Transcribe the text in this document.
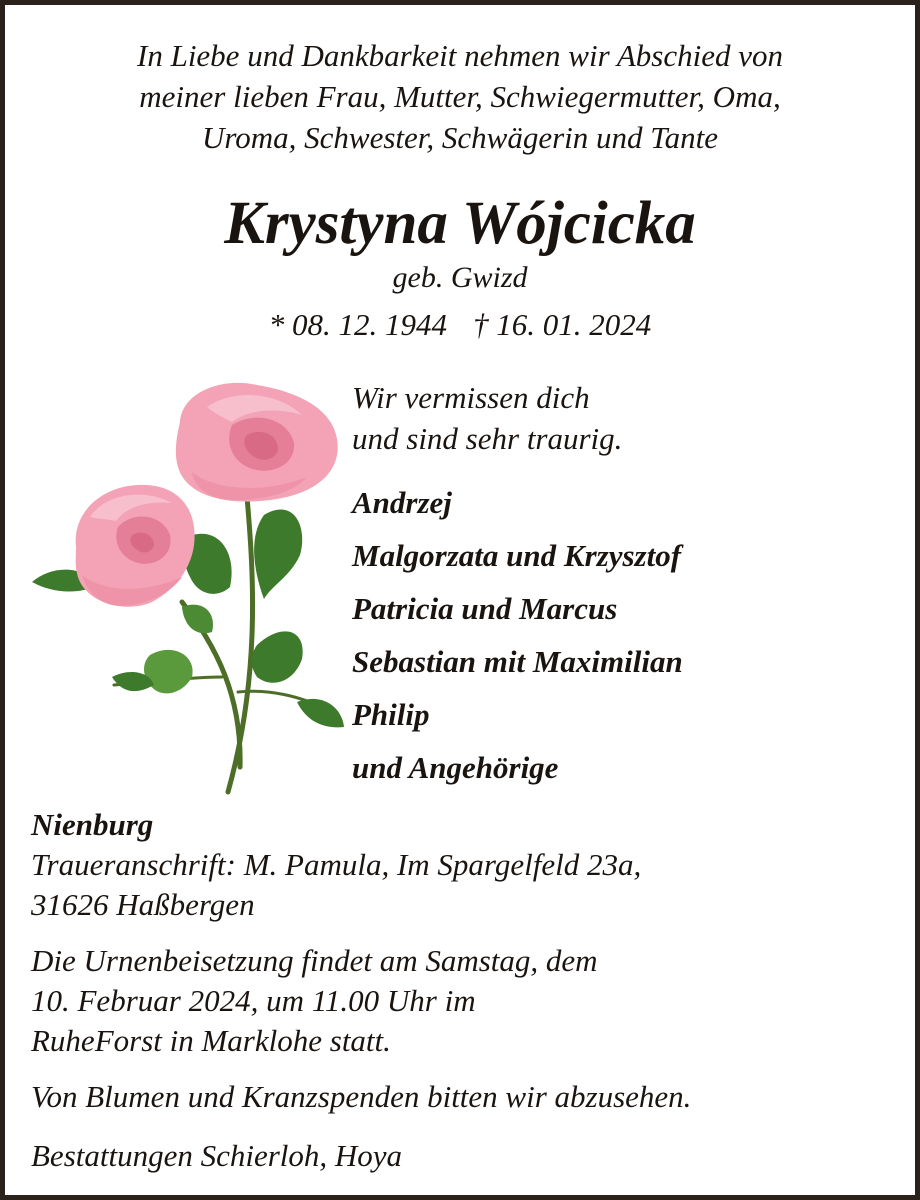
In Liebe und Dankbarkeit nehmen wir Abschied von
meiner lieben Frau, Mutter, Schwiegermutter, Oma,
Uroma, Schwester, Schwägerin und Tante
Krystyna Wójcicka
geb. Gwizd
* 08. 12. 1944 † 16. 01. 2024
Wir vermissen dich
und sind sehr traurig.
Andrzej
Malgorzata und Krzysztof
Patricia und Marcus
Sebastian mit Maximilian
Philip
und Angehörige
Nienburg
Traueranschrift: M. Pamula, Im Spargelfeld 23a,
31626 Haßbergen
Die Urnenbeisetzung findet am Samstag, dem
10. Februar 2024, um 11.00 Uhr im
RuheForst in Marklohe statt.
Von Blumen und Kranzspenden bitten wir abzusehen.
Bestattungen Schierloh, Hoya
